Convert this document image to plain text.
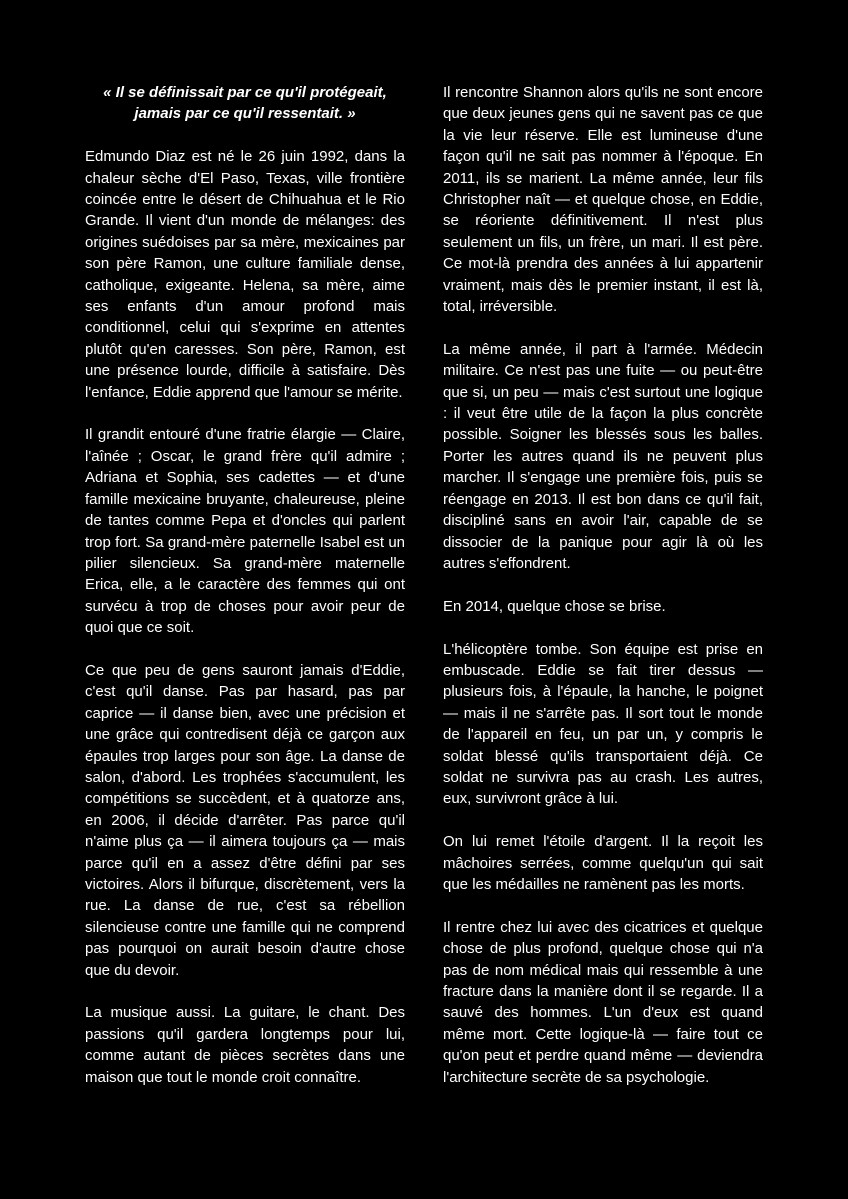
« Il se définissait par ce qu'il protégeait,
jamais par ce qu'il ressentait. »

Edmundo Diaz est né le 26 juin 1992, dans la chaleur sèche d'El Paso, Texas, ville frontière coincée entre le désert de Chihuahua et le Rio Grande. Il vient d'un monde de mélanges: des origines suédoises par sa mère, mexicaines par son père Ramon, une culture familiale dense, catholique, exigeante. Helena, sa mère, aime ses enfants d'un amour profond mais conditionnel, celui qui s'exprime en attentes plutôt qu'en caresses. Son père, Ramon, est une présence lourde, difficile à satisfaire. Dès l'enfance, Eddie apprend que l'amour se mérite.

Il grandit entouré d'une fratrie élargie — Claire, l'aînée ; Oscar, le grand frère qu'il admire ; Adriana et Sophia, ses cadettes — et d'une famille mexicaine bruyante, chaleureuse, pleine de tantes comme Pepa et d'oncles qui parlent trop fort. Sa grand-mère paternelle Isabel est un pilier silencieux. Sa grand-mère maternelle Erica, elle, a le caractère des femmes qui ont survécu à trop de choses pour avoir peur de quoi que ce soit.

Ce que peu de gens sauront jamais d'Eddie, c'est qu'il danse. Pas par hasard, pas par caprice — il danse bien, avec une précision et une grâce qui contredisent déjà ce garçon aux épaules trop larges pour son âge. La danse de salon, d'abord. Les trophées s'accumulent, les compétitions se succèdent, et à quatorze ans, en 2006, il décide d'arrêter. Pas parce qu'il n'aime plus ça — il aimera toujours ça — mais parce qu'il en a assez d'être défini par ses victoires. Alors il bifurque, discrètement, vers la rue. La danse de rue, c'est sa rébellion silencieuse contre une famille qui ne comprend pas pourquoi on aurait besoin d'autre chose que du devoir.

La musique aussi. La guitare, le chant. Des passions qu'il gardera longtemps pour lui, comme autant de pièces secrètes dans une maison que tout le monde croit connaître.

Il rencontre Shannon alors qu'ils ne sont encore que deux jeunes gens qui ne savent pas ce que la vie leur réserve. Elle est lumineuse d'une façon qu'il ne sait pas nommer à l'époque. En 2011, ils se marient. La même année, leur fils Christopher naît — et quelque chose, en Eddie, se réoriente définitivement. Il n'est plus seulement un fils, un frère, un mari. Il est père. Ce mot-là prendra des années à lui appartenir vraiment, mais dès le premier instant, il est là, total, irréversible.

La même année, il part à l'armée. Médecin militaire. Ce n'est pas une fuite — ou peut-être que si, un peu — mais c'est surtout une logique : il veut être utile de la façon la plus concrète possible. Soigner les blessés sous les balles. Porter les autres quand ils ne peuvent plus marcher. Il s'engage une première fois, puis se réengage en 2013. Il est bon dans ce qu'il fait, discipliné sans en avoir l'air, capable de se dissocier de la panique pour agir là où les autres s'effondrent.

En 2014, quelque chose se brise.

L'hélicoptère tombe. Son équipe est prise en embuscade. Eddie se fait tirer dessus — plusieurs fois, à l'épaule, la hanche, le poignet — mais il ne s'arrête pas. Il sort tout le monde de l'appareil en feu, un par un, y compris le soldat blessé qu'ils transportaient déjà. Ce soldat ne survivra pas au crash. Les autres, eux, survivront grâce à lui.

On lui remet l'étoile d'argent. Il la reçoit les mâchoires serrées, comme quelqu'un qui sait que les médailles ne ramènent pas les morts.

Il rentre chez lui avec des cicatrices et quelque chose de plus profond, quelque chose qui n'a pas de nom médical mais qui ressemble à une fracture dans la manière dont il se regarde. Il a sauvé des hommes. L'un d'eux est quand même mort. Cette logique-là — faire tout ce qu'on peut et perdre quand même — deviendra l'architecture secrète de sa psychologie.
